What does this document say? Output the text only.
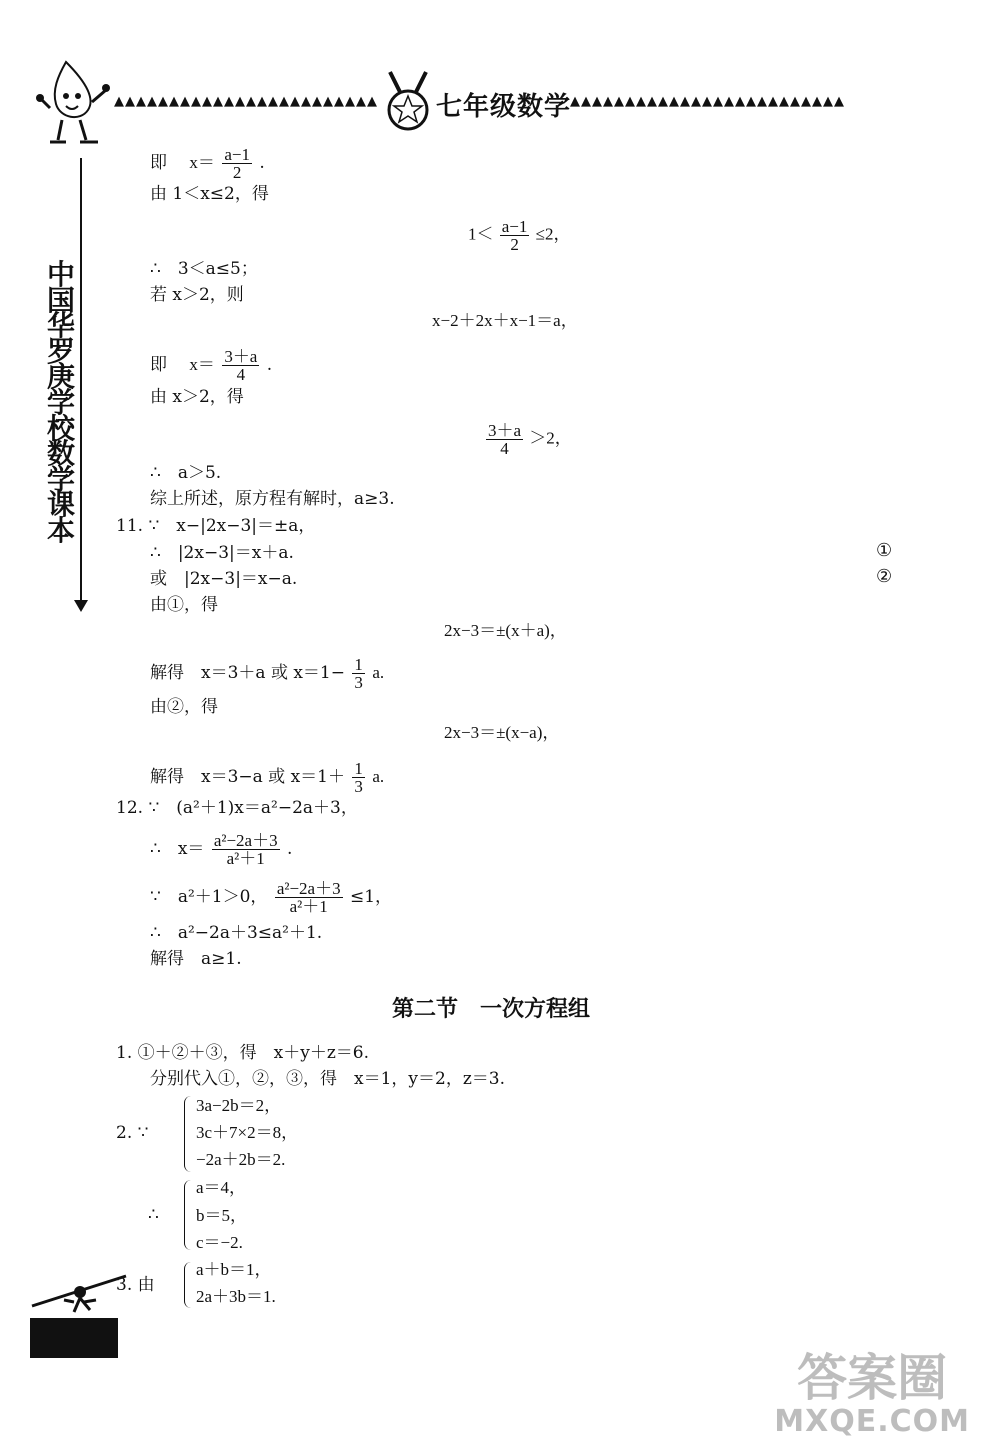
▲▲▲▲▲▲▲▲▲▲▲▲▲▲▲▲▲▲▲▲▲▲▲▲ 七年级数学
▲▲▲▲▲▲▲▲▲▲▲▲▲▲▲▲▲▲▲▲▲▲▲▲▲
中
国
华
罗
庚
学
校
数
学
课
本
即　 $x= \frac{a-1}{2}$ .
由 1＜x≤2，得
$1< \frac{a-1}{2} \le 2$，
∴　3＜a≤5；
若 x＞2，则
x−2＋2x＋x−1＝a，
即　 $x= \frac{3+a}{4}$ .
由 x＞2，得
$\frac{3+a}{4} >2$，
∴　a＞5.
综上所述，原方程有解时，a≥3.
11. ∵　x−|2x−3|＝±a，
∴　|2x−3|＝x＋a.	①
或　|2x−3|＝x−a.	②
由①，得
2x−3＝±(x＋a)，
解得　x＝3＋a 或 $x=1- \frac{1}{3} a$.
由②，得
2x−3＝±(x−a)，
解得　x＝3−a 或 $x=1+ \frac{1}{3} a$.
12. ∵　(a²＋1)x＝a²−2a＋3，
∴　$x= \frac{\text{a²−2a＋3}}{\text{a²＋1}}$ .
∵　a²＋1＞0， $\frac{\text{a²−2a＋3}}{\text{a²＋1}} \le 1$，
∴　a²−2a＋3≤a²＋1.
解得　a≥1.
第二节　一次方程组
1. ①＋②＋③，得　x＋y＋z＝6.
分别代入①，②，③，得　x＝1，y＝2，z＝3.
2. ∵
3a−2b＝2，
3c＋7×2＝8，
−2a＋2b＝2.
∴
a＝4，
b＝5，
c＝−2.
3. 由
a＋b＝1，
2a＋3b＝1.
答案圈
MXQE.COM
